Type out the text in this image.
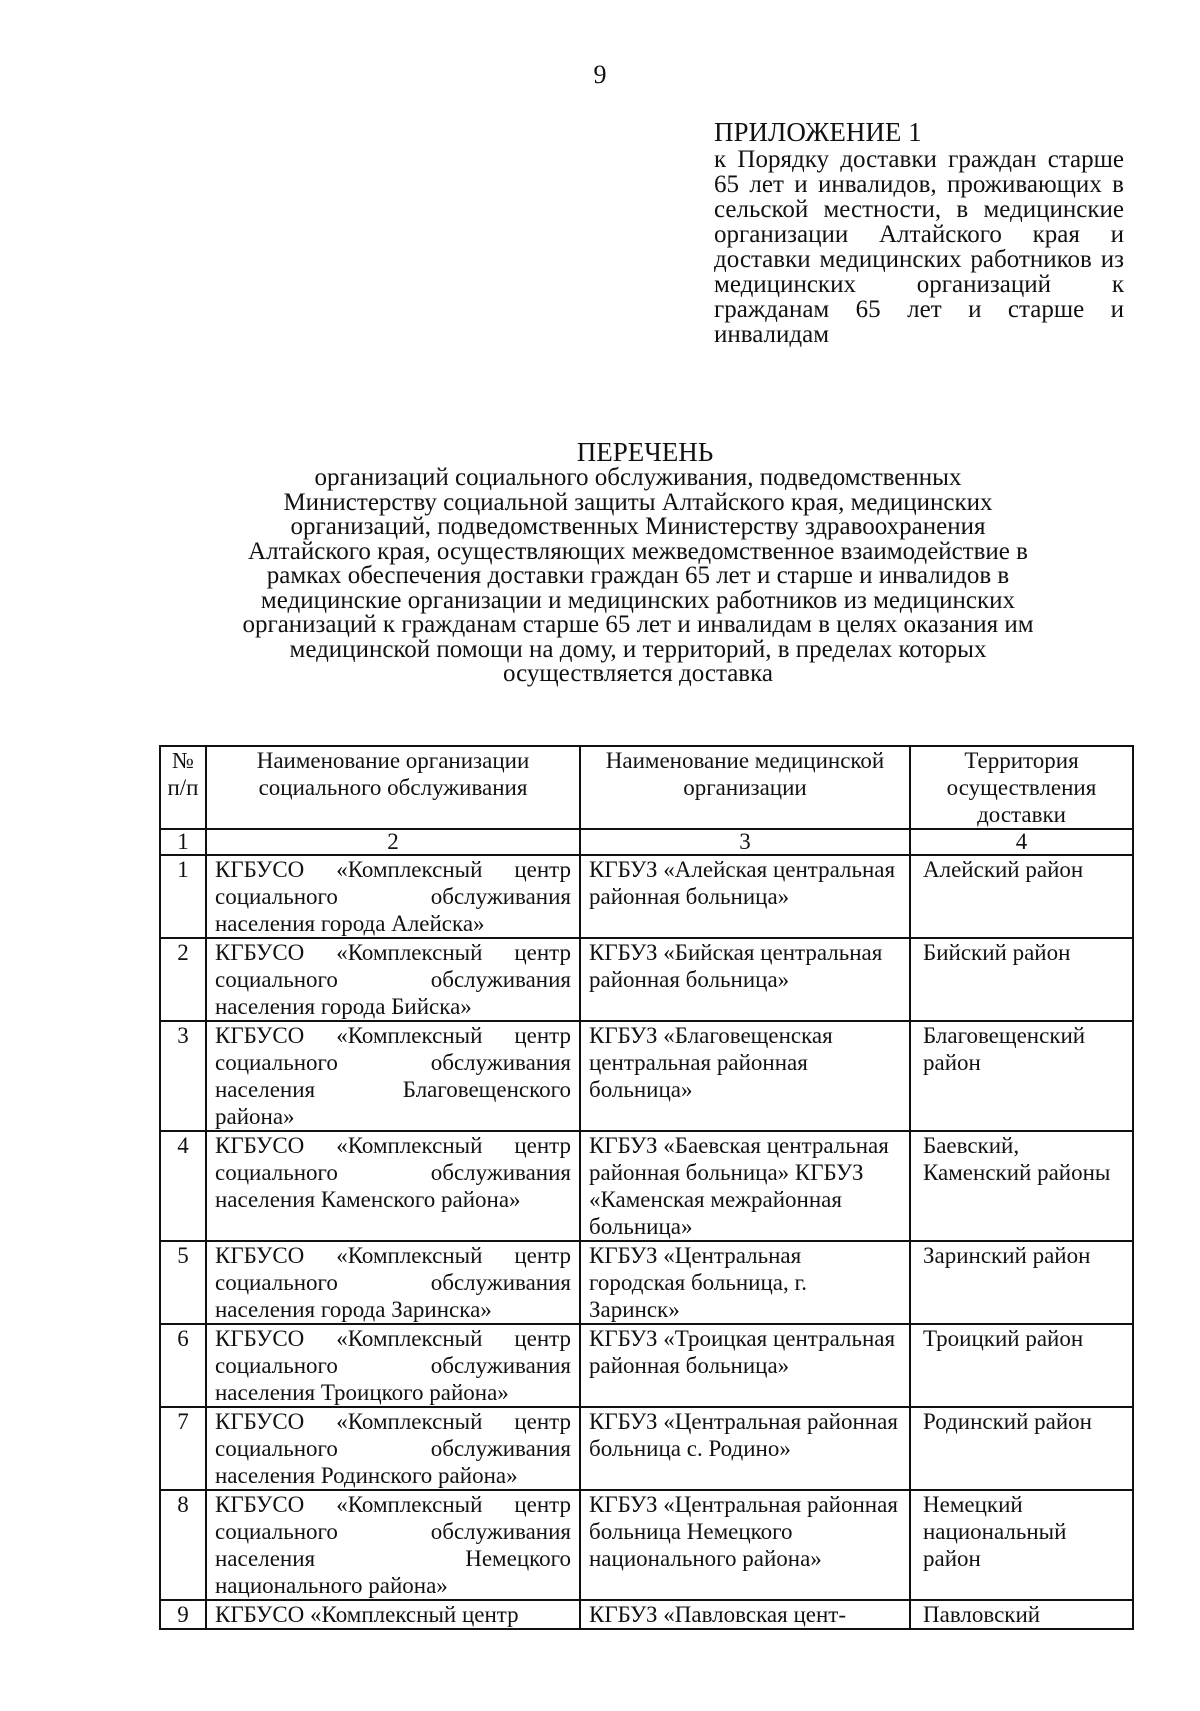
9
ПРИЛОЖЕНИЕ 1
к Порядку доставки граждан старше 65 лет и инвалидов, проживающих в сельской местности, в медицинские организации Алтайского края и доставки медицинских работников из медицинских организаций к гражданам 65 лет и старше и инвалидам
ПЕРЕЧЕНЬ
организаций социального обслуживания, подведомственных Министерству социальной защиты Алтайского края, медицинских организаций, подведомственных Министерству здравоохранения Алтайского края, осуществляющих межведомственное взаимодействие в рамках обеспечения доставки граждан 65 лет и старше и инвалидов в медицинские организации и медицинских работников из медицинских организаций к гражданам старше 65 лет и инвалидам в целях оказания им медицинской помощи на дому, и территорий, в пределах которых осуществляется доставка
№ п/п	Наименование организации социального обслуживания	Наименование медицинской организации	Территория осуществления доставки
1	2	3	4
1	КГБУСО «Комплексный центр социального обслуживания населения города Алейска»	КГБУЗ «Алейская центральная районная больница»	Алейский район
2	КГБУСО «Комплексный центр социального обслуживания населения города Бийска»	КГБУЗ «Бийская центральная районная больница»	Бийский район
3	КГБУСО «Комплексный центр социального обслуживания населения Благовещенского района»	КГБУЗ «Благовещенская центральная районная больница»	Благовещенский район
4	КГБУСО «Комплексный центр социального обслуживания населения Каменского района»	КГБУЗ «Баевская центральная районная больница» КГБУЗ «Каменская межрайонная больница»	Баевский, Каменский районы
5	КГБУСО «Комплексный центр социального обслуживания населения города Заринска»	КГБУЗ «Центральная городская больница, г. Заринск»	Заринский район
6	КГБУСО «Комплексный центр социального обслуживания населения Троицкого района»	КГБУЗ «Троицкая центральная районная больница»	Троицкий район
7	КГБУСО «Комплексный центр социального обслуживания населения Родинского района»	КГБУЗ «Центральная районная больница с. Родино»	Родинский район
8	КГБУСО «Комплексный центр социального обслуживания населения Немецкого национального района»	КГБУЗ «Центральная районная больница Немецкого национального района»	Немецкий национальный район
9	КГБУСО «Комплексный центр	КГБУЗ «Павловская цент-	Павловский
